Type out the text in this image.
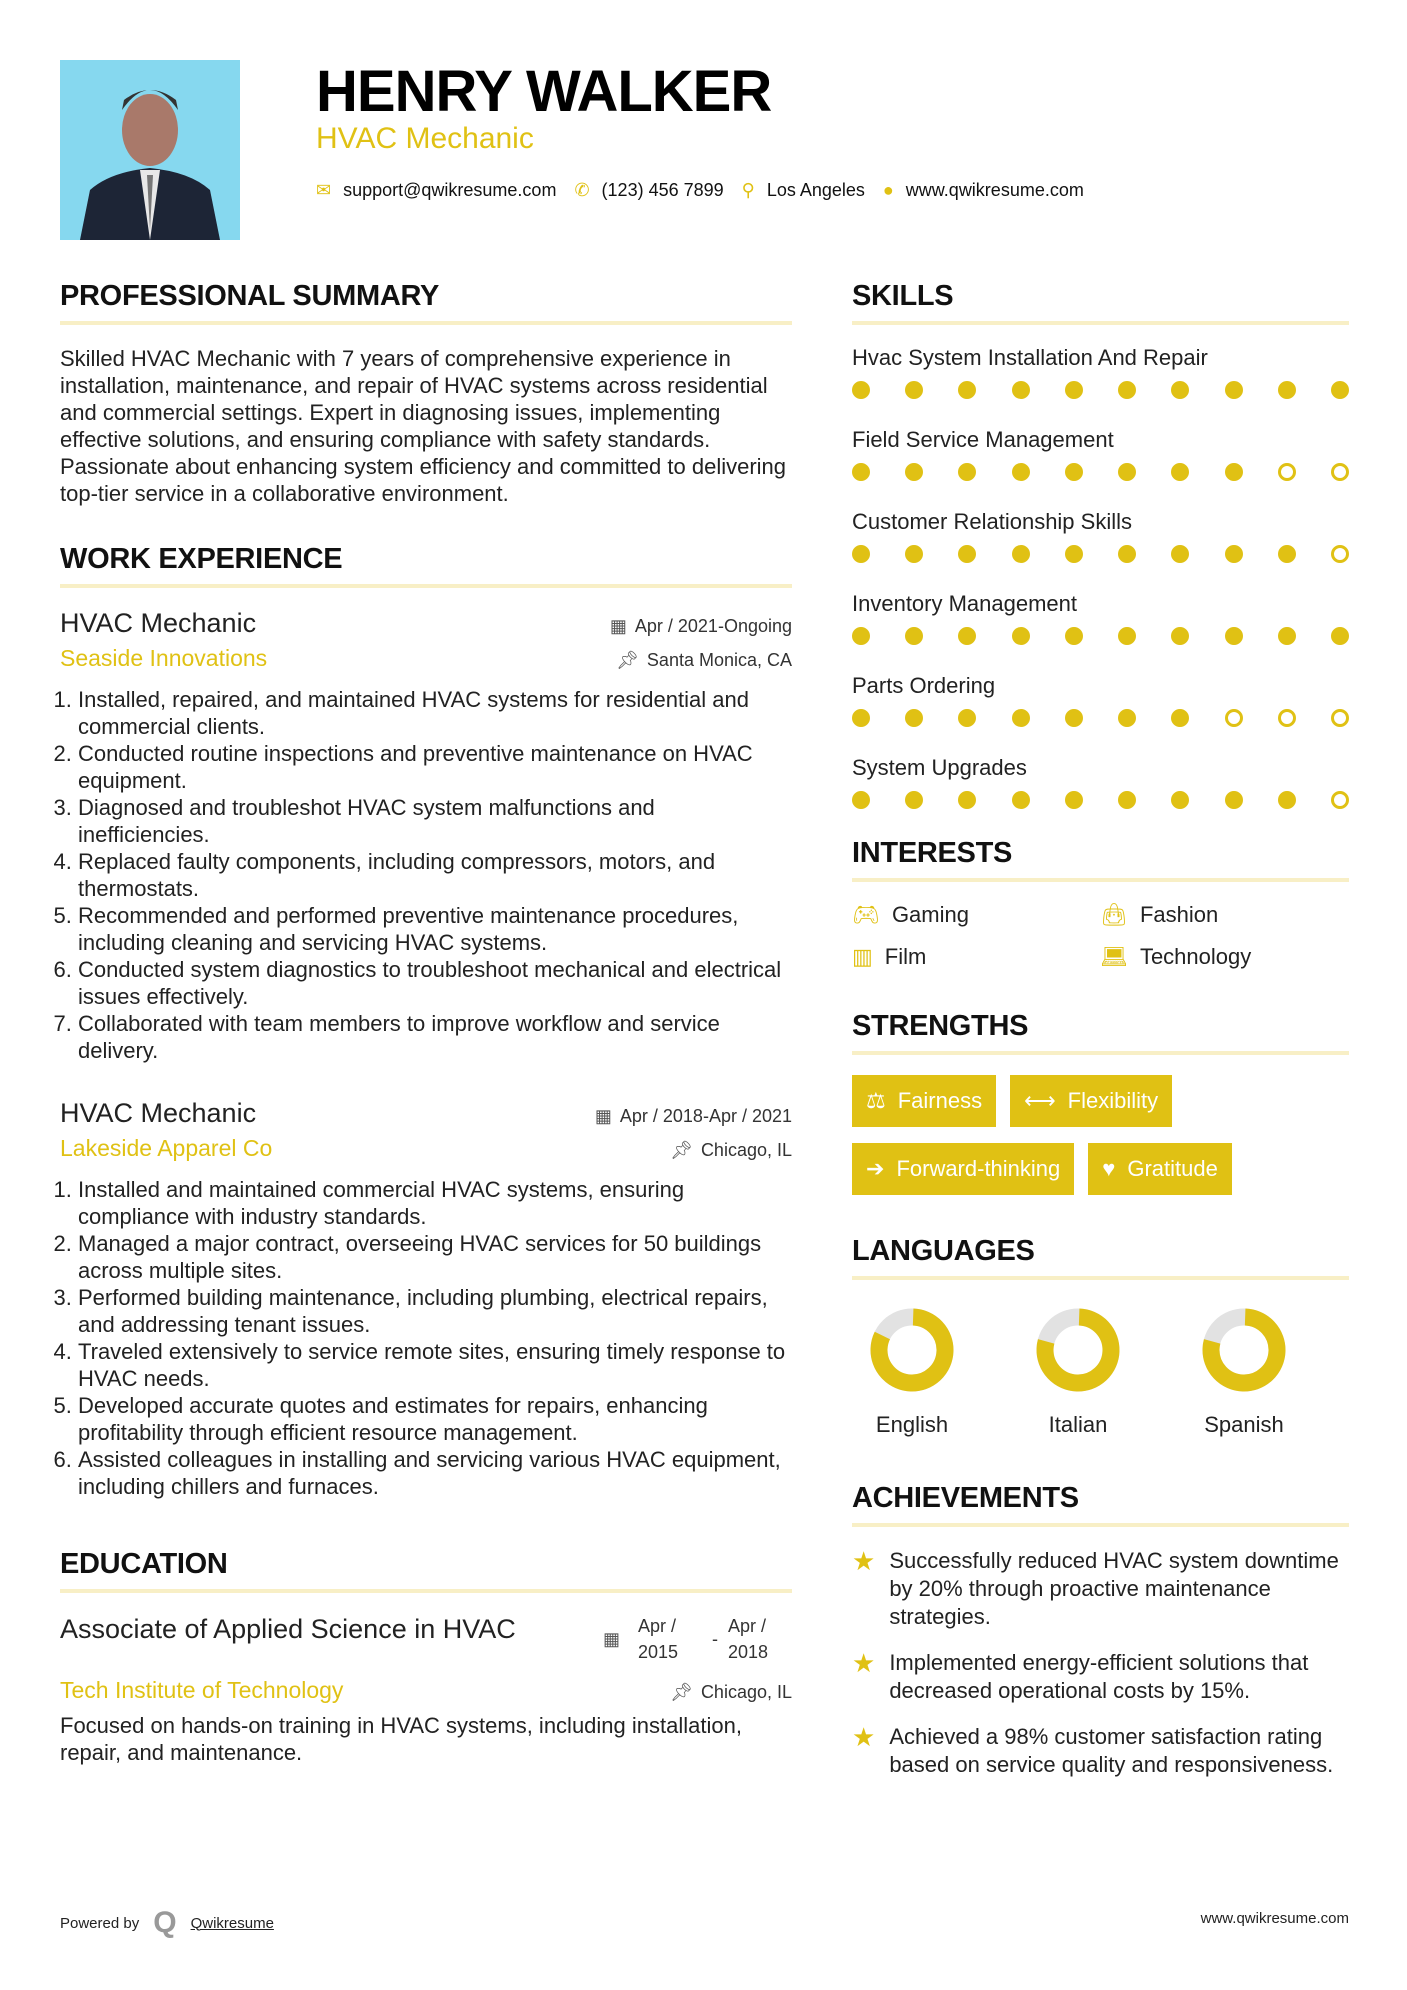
HENRY WALKER
HVAC Mechanic
✉ support@qwikresume.com ✆ (123) 456 7899 ⚲ Los Angeles ● www.qwikresume.com
PROFESSIONAL SUMMARY

Skilled HVAC Mechanic with 7 years of comprehensive experience in installation, maintenance, and repair of HVAC systems across residential and commercial settings. Expert in diagnosing issues, implementing effective solutions, and ensuring compliance with safety standards. Passionate about enhancing system efficiency and committed to delivering top-tier service in a collaborative environment.

WORK EXPERIENCE
HVAC Mechanic	▦ Apr / 2021-Ongoing
Seaside Innovations	📌︎ Santa Monica, CA
1. Installed, repaired, and maintained HVAC systems for residential and commercial clients.
2. Conducted routine inspections and preventive maintenance on HVAC equipment.
3. Diagnosed and troubleshot HVAC system malfunctions and inefficiencies.
4. Replaced faulty components, including compressors, motors, and thermostats.
5. Recommended and performed preventive maintenance procedures, including cleaning and servicing HVAC systems.
6. Conducted system diagnostics to troubleshoot mechanical and electrical issues effectively.
7. Collaborated with team members to improve workflow and service delivery.
HVAC Mechanic	▦ Apr / 2018-Apr / 2021
Lakeside Apparel Co	📌︎ Chicago, IL
1. Installed and maintained commercial HVAC systems, ensuring compliance with industry standards.
2. Managed a major contract, overseeing HVAC services for 50 buildings across multiple sites.
3. Performed building maintenance, including plumbing, electrical repairs, and addressing tenant issues.
4. Traveled extensively to service remote sites, ensuring timely response to HVAC needs.
5. Developed accurate quotes and estimates for repairs, enhancing profitability through efficient resource management.
6. Assisted colleagues in installing and servicing various HVAC equipment, including chillers and furnaces.
EDUCATION
Associate of Applied Science in HVAC	▦
Apr / 2015
-
Apr / 2018
Tech Institute of Technology	📌︎ Chicago, IL

Focused on hands-on training in HVAC systems, including installation, repair, and maintenance.

SKILLS
Hvac System Installation And Repair
Field Service Management
Customer Relationship Skills
Inventory Management
Parts Ordering
System Upgrades
INTERESTS
🎮︎ Gaming	👜︎ Fashion
▥ Film	💻︎ Technology
STRENGTHS
⚖ Fairness ⟷ Flexibility
➔ Forward-thinking ♥ Gratitude
LANGUAGES
English	Italian	Spanish
ACHIEVEMENTS
★ Successfully reduced HVAC system downtime by 20% through proactive maintenance strategies.
★ Implemented energy-efficient solutions that decreased operational costs by 15%.
★ Achieved a 98% customer satisfaction rating based on service quality and responsiveness.
Powered by Q Qwikresume	www.qwikresume.com
